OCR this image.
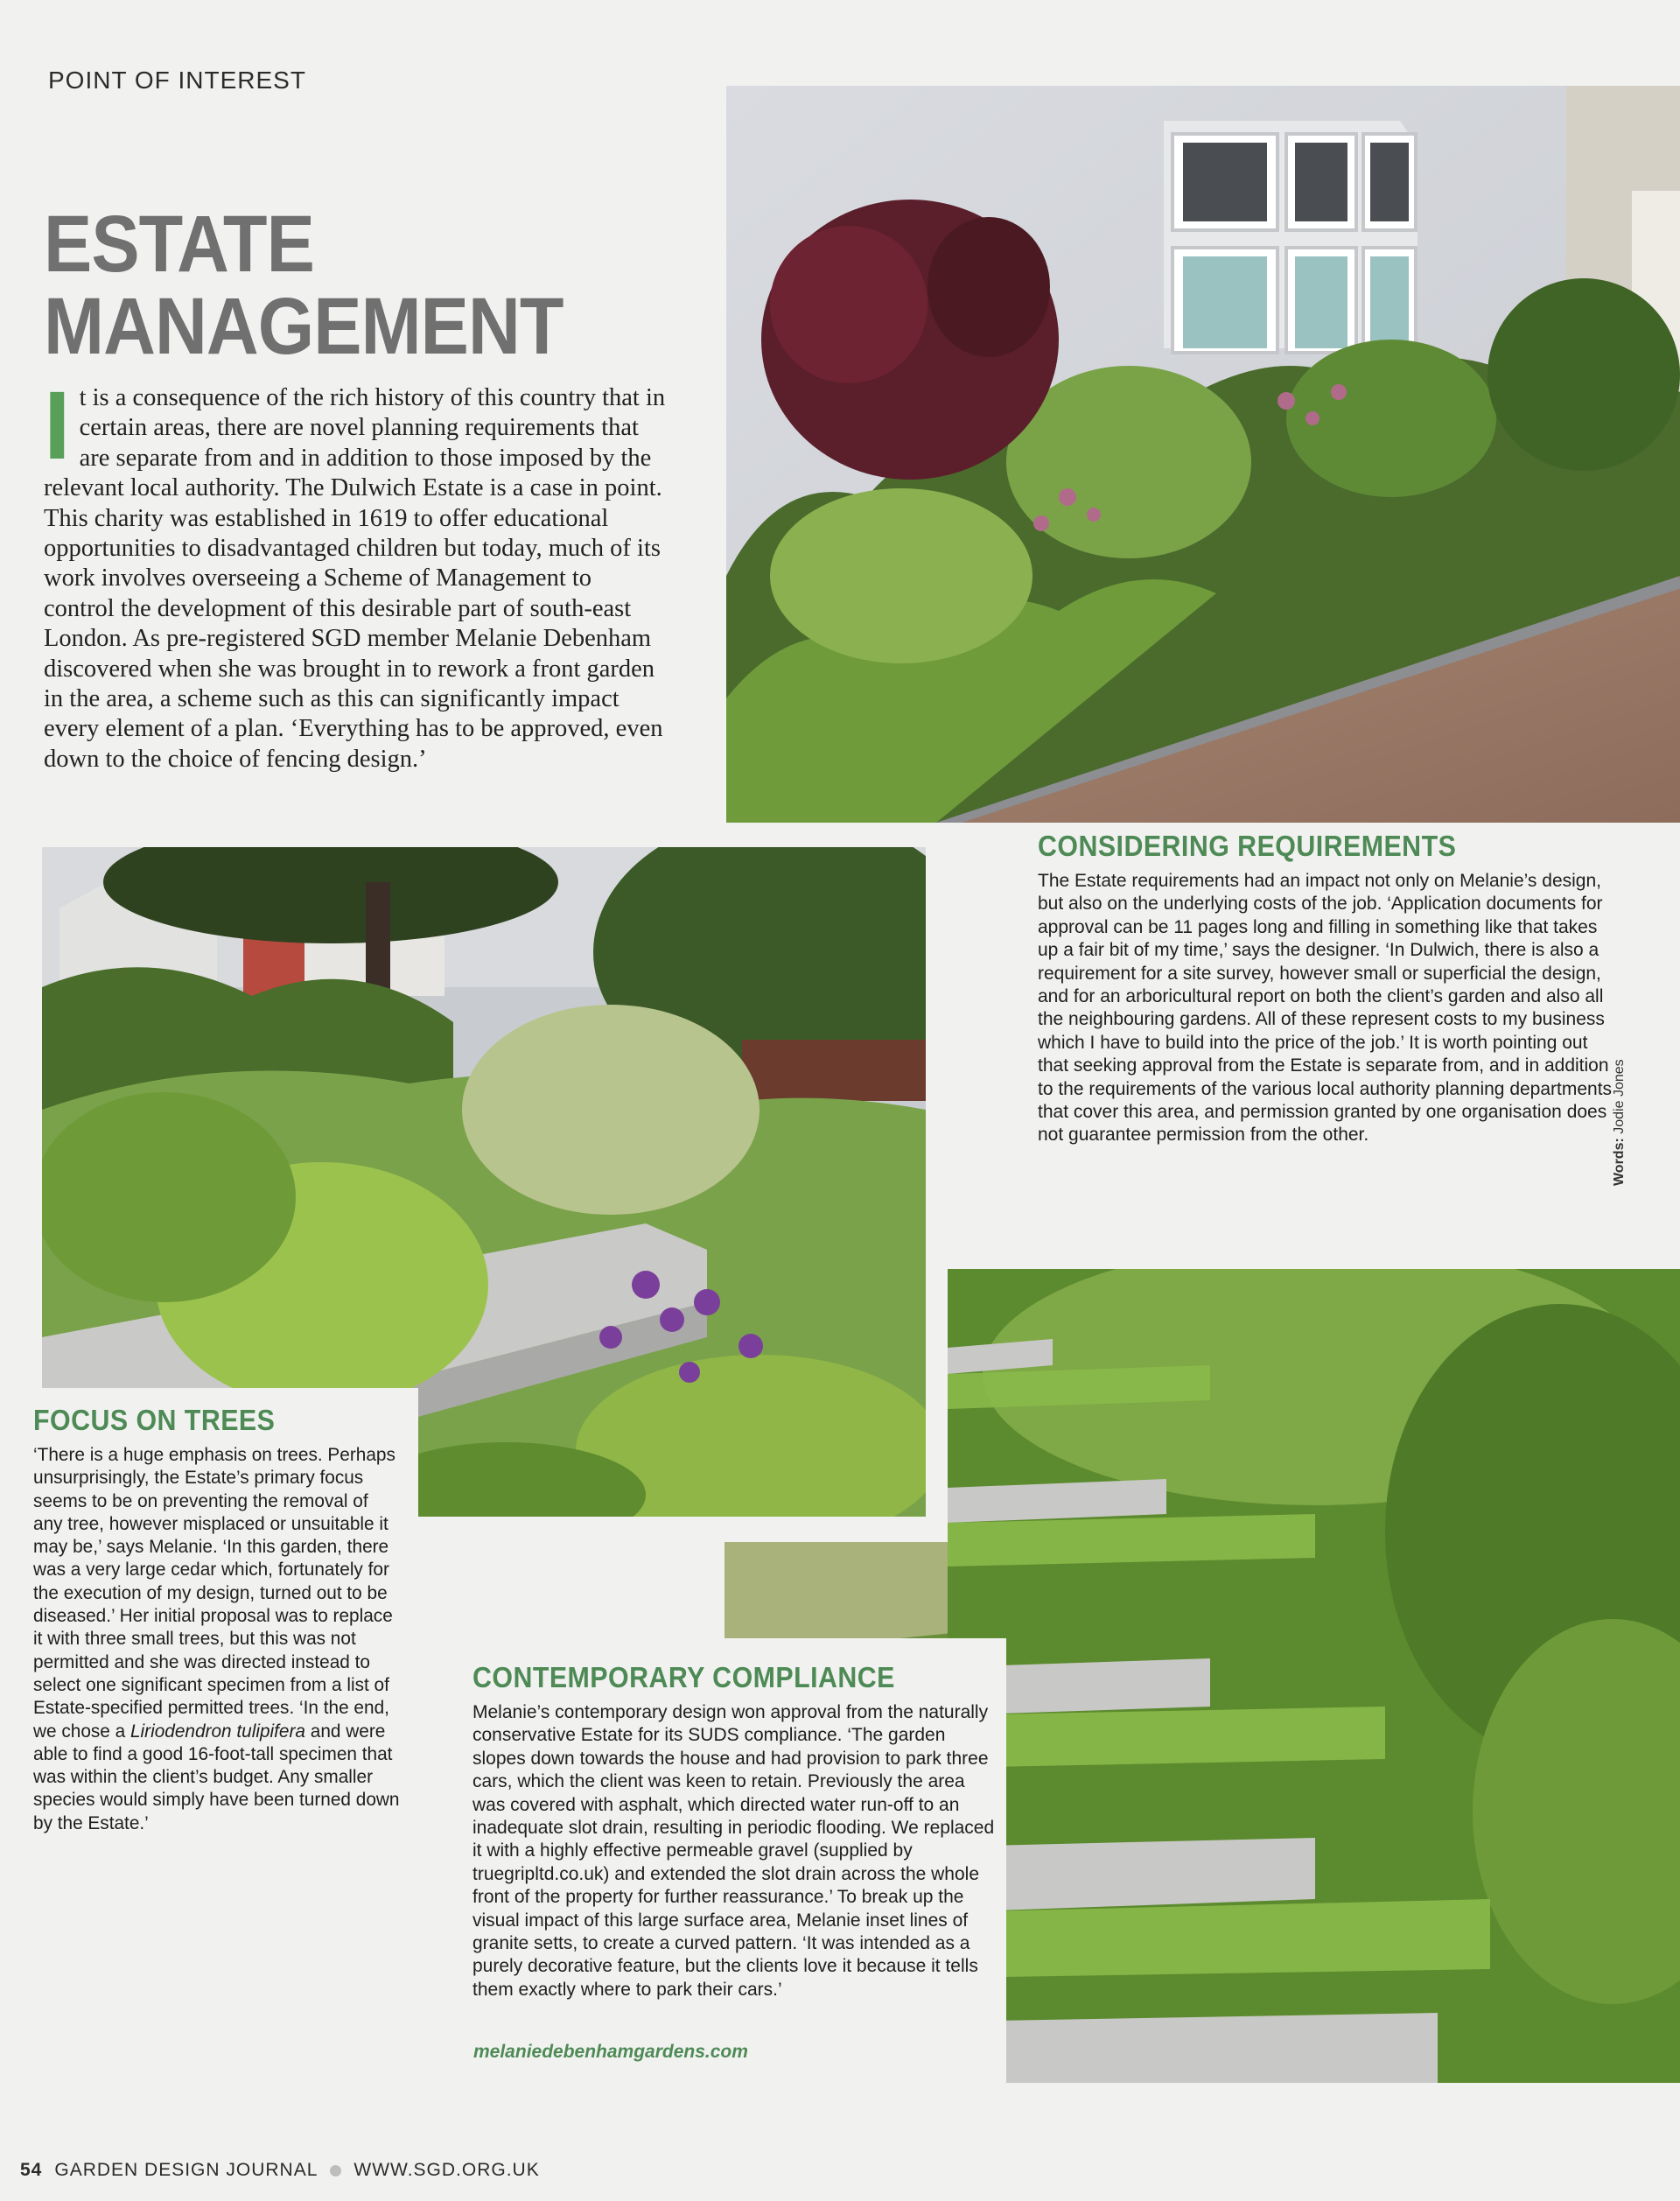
POINT OF INTEREST
ESTATE
MANAGEMENT

It is a consequence of the rich history of this country that in certain areas, there are novel planning requirements that are separate from and in addition to those imposed by the relevant local authority. The Dulwich Estate is a case in point. This charity was established in 1619 to offer educational opportunities to disadvantaged children but today, much of its work involves overseeing a Scheme of Management to control the development of this desirable part of south-east London. As pre-registered SGD member Melanie Debenham discovered when she was brought in to rework a front garden in the area, a scheme such as this can significantly impact every element of a plan. ‘Everything has to be approved, even down to the choice of fencing design.’

CONSIDERING REQUIREMENTS

The Estate requirements had an impact not only on Melanie’s design, but also on the underlying costs of the job. ‘Application documents for approval can be 11 pages long and filling in something like that takes up a fair bit of my time,’ says the designer. ‘In Dulwich, there is also a requirement for a site survey, however small or superficial the design, and for an arboricultural report on both the client’s garden and also all the neighbouring gardens. All of these represent costs to my business which I have to build into the price of the job.’ It is worth pointing out that seeking approval from the Estate is separate from, and in addition to the requirements of the various local authority planning departments that cover this area, and permission granted by one organisation does not guarantee permission from the other.

Words: Jodie Jones
FOCUS ON TREES

‘There is a huge emphasis on trees. Perhaps unsurprisingly, the Estate’s primary focus seems to be on preventing the removal of any tree, however misplaced or unsuitable it may be,’ says Melanie. ‘In this garden, there was a very large cedar which, fortunately for the execution of my design, turned out to be diseased.’ Her initial proposal was to replace it with three small trees, but this was not permitted and she was directed instead to select one significant specimen from a list of Estate-specified permitted trees. ‘In the end, we chose a Liriodendron tulipifera and were able to find a good 16-foot-tall specimen that was within the client’s budget. Any smaller species would simply have been turned down by the Estate.’

CONTEMPORARY COMPLIANCE

Melanie’s contemporary design won approval from the naturally conservative Estate for its SUDS compliance. ‘The garden slopes down towards the house and had provision to park three cars, which the client was keen to retain. Previously the area was covered with asphalt, which directed water run-off to an inadequate slot drain, resulting in periodic flooding. We replaced it with a highly effective permeable gravel (supplied by truegripltd.co.uk) and extended the slot drain across the whole front of the property for further reassurance.’ To break up the visual impact of this large surface area, Melanie inset lines of granite setts, to create a curved pattern. ‘It was intended as a purely decorative feature, but the clients love it because it tells them exactly where to park their cars.’

melaniedebenhamgardens.com
54 GARDEN DESIGN JOURNAL WWW.SGD.ORG.UK
